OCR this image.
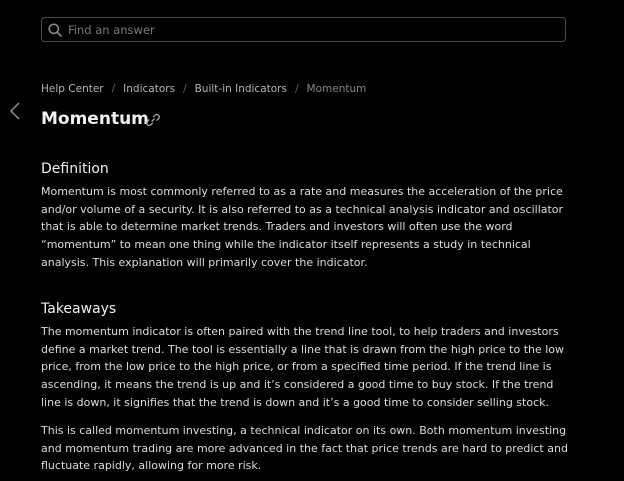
Find an answer
Help Center / Indicators / Built-in Indicators / Momentum
Momentum
Definition

Momentum is most commonly referred to as a rate and measures the acceleration of the price and/or volume of a security. It is also referred to as a technical analysis indicator and oscillator that is able to determine market trends. Traders and investors will often use the word “momentum” to mean one thing while the indicator itself represents a study in technical analysis. This explanation will primarily cover the indicator.

Takeaways

The momentum indicator is often paired with the trend line tool, to help traders and investors define a market trend. The tool is essentially a line that is drawn from the high price to the low price, from the low price to the high price, or from a specified time period. If the trend line is ascending, it means the trend is up and it’s considered a good time to buy stock. If the trend line is down, it signifies that the trend is down and it’s a good time to consider selling stock.

This is called momentum investing, a technical indicator on its own. Both momentum investing and momentum trading are more advanced in the fact that price trends are hard to predict and fluctuate rapidly, allowing for more risk.
